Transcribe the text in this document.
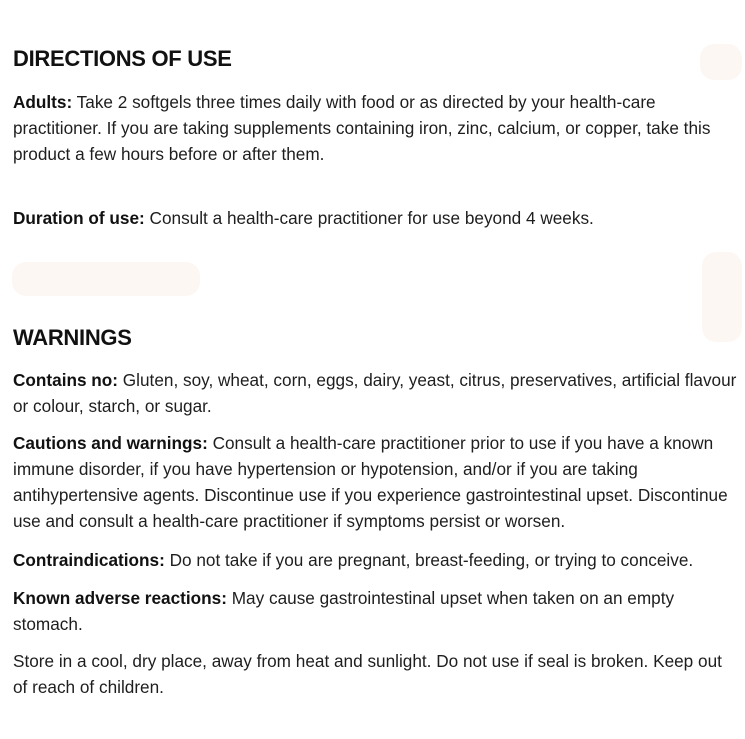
DIRECTIONS OF USE

Adults: Take 2 softgels three times daily with food or as directed by your health-care practitioner. If you are taking supplements containing iron, zinc, calcium, or copper, take this product a few hours before or after them.

Duration of use: Consult a health-care practitioner for use beyond 4 weeks.

WARNINGS

Contains no: Gluten, soy, wheat, corn, eggs, dairy, yeast, citrus, preservatives, artificial flavour or colour, starch, or sugar.

Cautions and warnings: Consult a health-care practitioner prior to use if you have a known immune disorder, if you have hypertension or hypotension, and/or if you are taking antihypertensive agents. Discontinue use if you experience gastrointestinal upset. Discontinue use and consult a health-care practitioner if symptoms persist or worsen.

Contraindications: Do not take if you are pregnant, breast-feeding, or trying to conceive.

Known adverse reactions: May cause gastrointestinal upset when taken on an empty stomach.

Store in a cool, dry place, away from heat and sunlight. Do not use if seal is broken. Keep out of reach of children.
